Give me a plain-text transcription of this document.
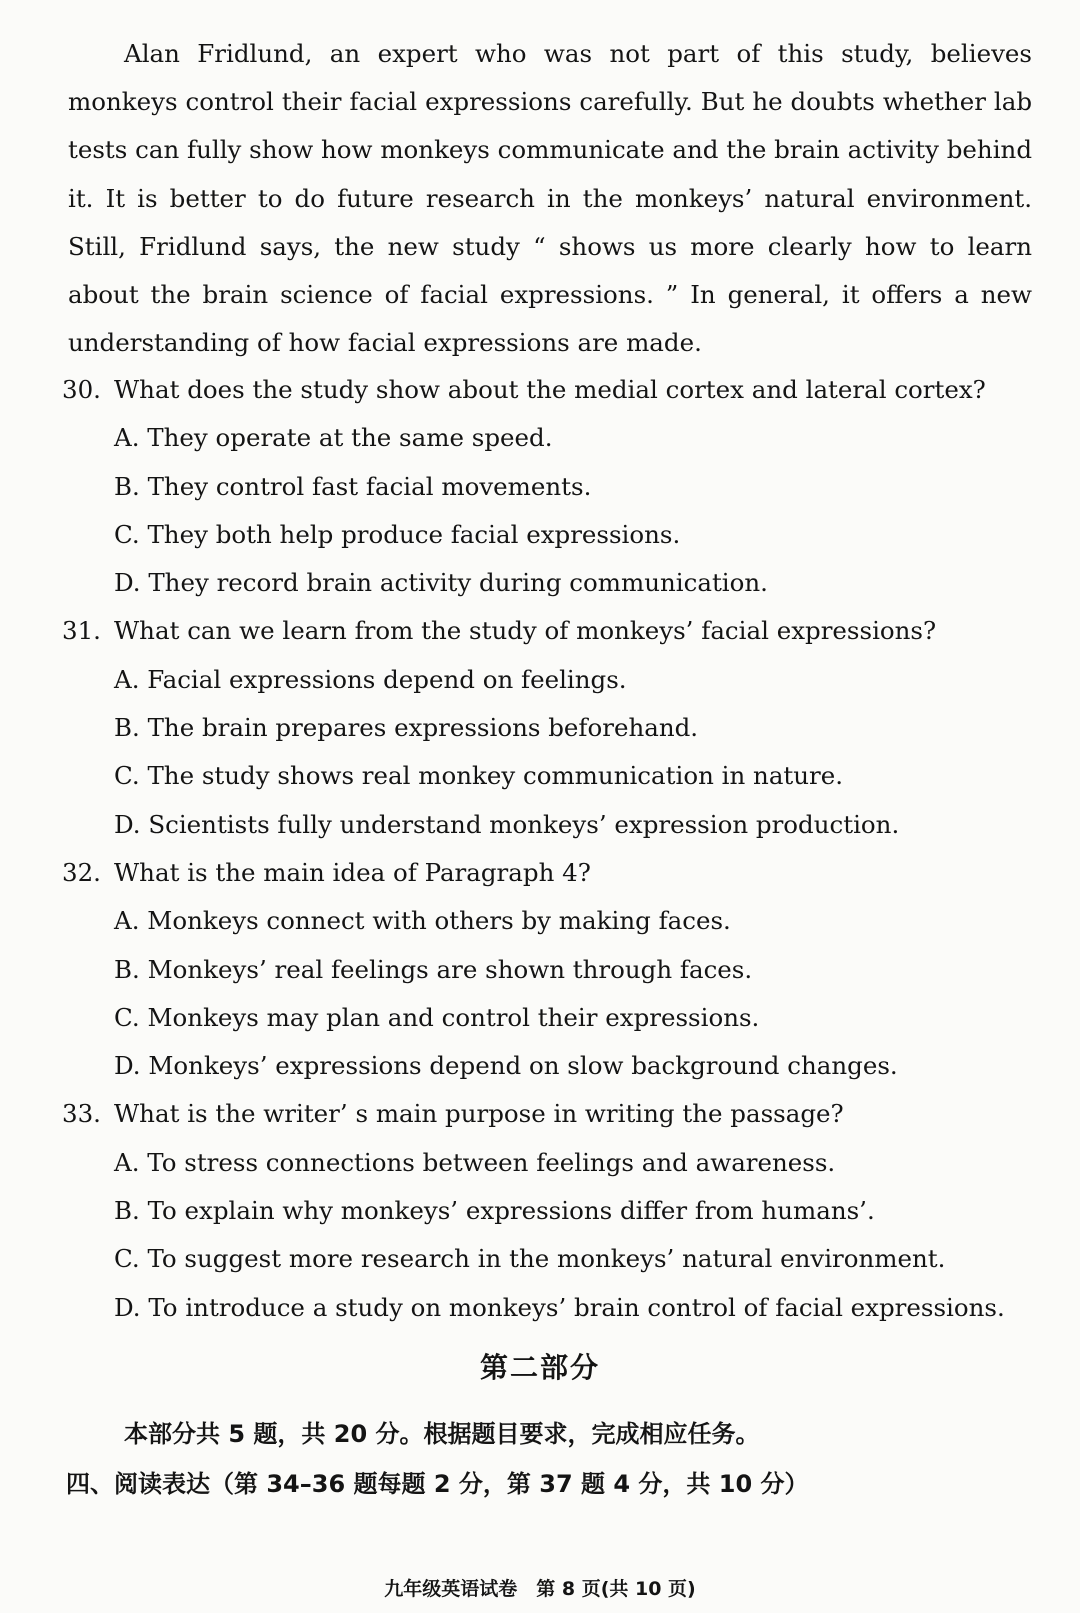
Alan Fridlund, an expert who was not part of this study, believes monkeys control their facial expressions carefully. But he doubts whether lab tests can fully show how monkeys communicate and the brain activity behind it. It is better to do future research in the monkeys’ natural environment. Still, Fridlund says, the new study “ shows us more clearly how to learn about the brain science of facial expressions. ” In general, it offers a new understanding of how facial expressions are made.

30. What does the study show about the medial cortex and lateral cortex?
A. They operate at the same speed.
B. They control fast facial movements.
C. They both help produce facial expressions.
D. They record brain activity during communication.
31. What can we learn from the study of monkeys’ facial expressions?
A. Facial expressions depend on feelings.
B. The brain prepares expressions beforehand.
C. The study shows real monkey communication in nature.
D. Scientists fully understand monkeys’ expression production.
32. What is the main idea of Paragraph 4?
A. Monkeys connect with others by making faces.
B. Monkeys’ real feelings are shown through faces.
C. Monkeys may plan and control their expressions.
D. Monkeys’ expressions depend on slow background changes.
33. What is the writer’ s main purpose in writing the passage?
A. To stress connections between feelings and awareness.
B. To explain why monkeys’ expressions differ from humans’.
C. To suggest more research in the monkeys’ natural environment.
D. To introduce a study on monkeys’ brain control of facial expressions.
第二部分

本部分共 5 题，共 20 分。根据题目要求，完成相应任务。

四、阅读表达（第 34–36 题每题 2 分，第 37 题 4 分，共 10 分）

九年级英语试卷　第 8 页(共 10 页)
